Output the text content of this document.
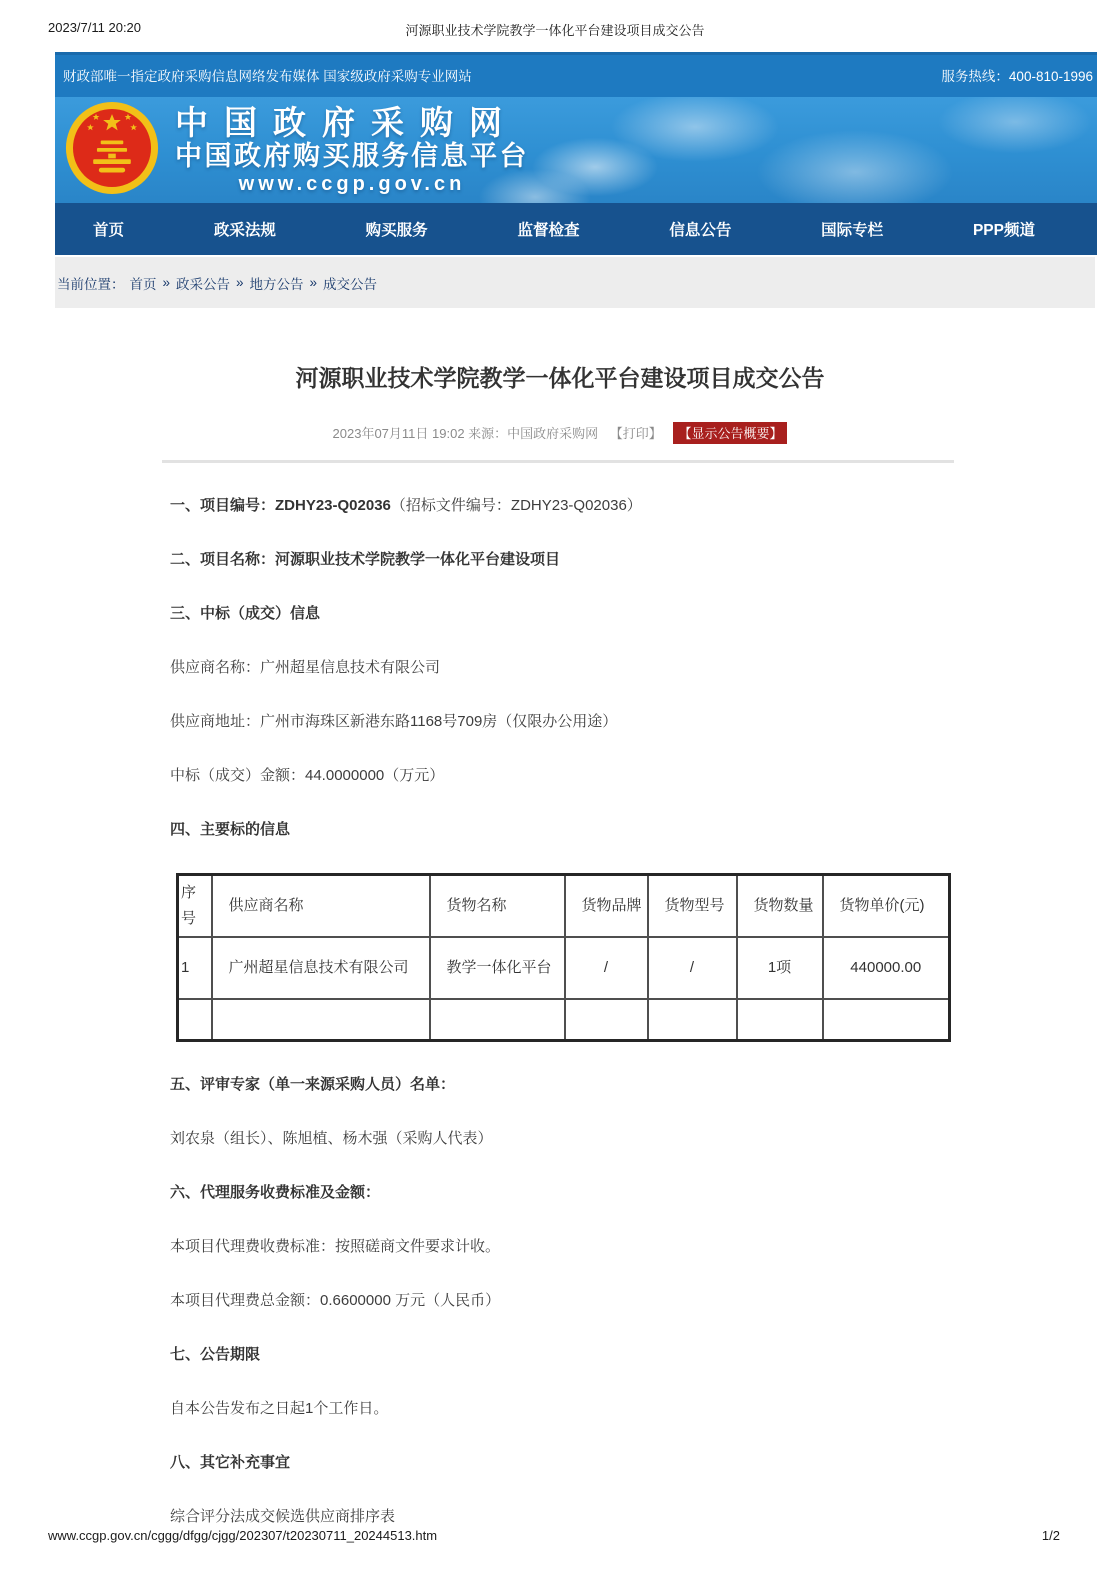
2023/7/11 20:20	河源职业技术学院教学一体化平台建设项目成交公告
财政部唯一指定政府采购信息网络发布媒体 国家级政府采购专业网站	服务热线：400-810-1996
中国政府采购网
中国政府购买服务信息平台
www.ccgp.gov.cn
首页	政采法规	购买服务	监督检查	信息公告	国际专栏	PPP频道
当前位置： 首页 » 政采公告 » 地方公告 » 成交公告
河源职业技术学院教学一体化平台建设项目成交公告
2023年07月11日 19:02 来源：中国政府采购网 【打印】 【显示公告概要】

一、项目编号：ZDHY23-Q02036（招标文件编号：ZDHY23-Q02036）

二、项目名称：河源职业技术学院教学一体化平台建设项目

三、中标（成交）信息

供应商名称：广州超星信息技术有限公司

供应商地址：广州市海珠区新港东路1168号709房（仅限办公用途）

中标（成交）金额：44.0000000（万元）

四、主要标的信息

序号	供应商名称	货物名称	货物品牌	货物型号	货物数量	货物单价(元)
1	广州超星信息技术有限公司	教学一体化平台	/	/	1项	440000.00

五、评审专家（单一来源采购人员）名单：

刘农泉（组长）、陈旭植、杨木强（采购人代表）

六、代理服务收费标准及金额：

本项目代理费收费标准：按照磋商文件要求计收。

本项目代理费总金额：0.6600000 万元（人民币）

七、公告期限

自本公告发布之日起1个工作日。

八、其它补充事宜

综合评分法成交候选供应商排序表

www.ccgp.gov.cn/cggg/dfgg/cjgg/202307/t20230711_20244513.htm	1/2
